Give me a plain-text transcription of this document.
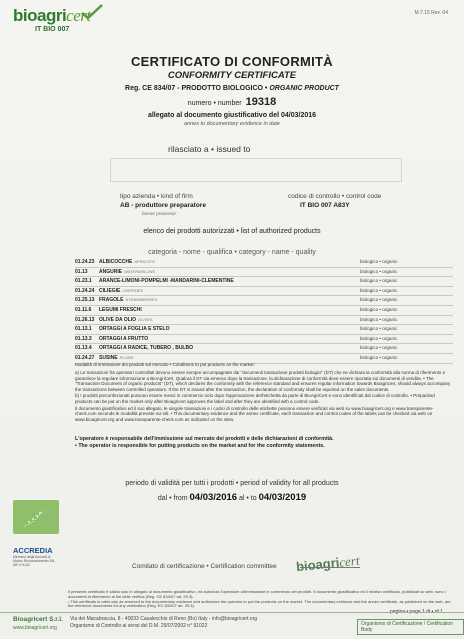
bioagricert
IT BIO 007
M.7.15 Rev. 04
CERTIFICATO DI CONFORMITÀ
CONFORMITY CERTIFICATE
Reg. CE 834/07 - PRODOTTO BIOLOGICO • ORGANIC PRODUCT
numero • number 19318
allegato al documento giustificativo del 04/03/2016
annex to documentary evidence in date
rilasciato a • issued to
tipo azienda • kind of firm
AB - produttore preparatore
farmer processor
codice di controllo • control code
IT BIO 007 A83Y
elenco dei prodotti autorizzati • list of authorized products
categoria - nome - qualifica • category - name - quality
01.24.23 ALBICOCCHE APRICOTS	biologico • organic
01.13	ANGURIE WATERMELONS	biologico • organic
01.23.1	ARANCE-LIMONI-POMPELMI -MANDARINI-CLEMENTINE	biologico • organic
01.24.24 CILIEGIE CHERRIES	biologico • organic
01.25.13 FRAGOLE STRAWBERRIES	biologico • organic
01.11.6	LEGUMI FRESCHI	biologico • organic
01.26.13 OLIVE DA OLIO OLIVES	biologico • organic
01.13.1	ORTAGGI A FOGLIA E STELO	biologico • organic
01.13.3	ORTAGGI A FRUTTO	biologico • organic
01.13.4	ORTAGGI A RADICE, TUBERO , BULBO	biologico • organic
01.24.27 SUSINE PLUMS	biologico • organic
Modalità di immissione dei prodotti sul mercato • Conditions to put products on the market:

a) Le transazioni fra operatori controllati devono essere sempre accompagnate dai "documenti transazione prodotti biologici" (DT) che ne dichiara la conformità alla norma di riferimento e garantisce la regolare informazione a BioAgriCert. Qualora il DT sia emesso dopo la transazione, la dichiarazione di conformità deve essere riportata sui documenti di vendita. • The "Transaction Document of organic products" (DT), which declares the conformity with the reference standard and ensures regular information towards Bioagricert, should always accompany the transactions between controlled operators. If the DT is issued after the transaction, the declaration of conformity shall be reported on the sales documents.

b) I prodotti preconfezionati possono essere messi in commercio solo dopo l'approvazione dell'etichetta da parte di BioAgriCert e sono identificati dal codice di controllo. • Prepacked products can be put on the market only after Bioagricert approves the label and after they are identified with a control code.

Il documento giustificativo ed il suo allegato, le singole transazioni e i codici di controllo delle etichette possono essere verificati via web su www.bioagricert.org e www.transparente-check.com seconds le modalità previste sui siti. • This documentary evidence and the annex certificate, each transaction and control codes of the labels can be checked via web on www.bioagricert.org and www.transparente-check.com as indicated on the sites.

L'operatore è responsabile dell'immissione sul mercato dei prodotti e delle dichiarazioni di conformità.
• The operator is responsible for putting products on the market and for the conformity statements.
periodo di validità per tutti i prodotti • period of validity for all products
dal • from 04/03/2016 al • to 04/03/2019
ACCREDIA
Membro degli Accordi di Mutuo Riconoscimento EA, IAF e ILAC	Comitato di certificazione • Certification committee bioagricert
Il presente certificato è valido solo in allegato al documento giustificativo, ed autorizza l'operatore all'immissione in commercio dei prodotti. Il documento giustificativo ed il relativo certificato, pubblicati su web, sono i documenti di riferimento ai fini delle verifica (Reg. CE 834/07 art. 29.3).
• This certificate is valid only as annexed to the documentary evidence and authorizes the operator to put the products on the market. The documentary evidence and the annex certificate, as published on the web, are the reference documents for any verification (Reg. EC 834/07 art. 29.3).
pagina • page 1 di • of 1
Bioagricert S.r.l.
www.bioagricert.org
Via dei Macabraccia, 8 - 40033 Casalecchio di Reno (Bo) Italy - info@bioagricert.org
Organismo di Controllo ai sensi del D.M. 29/07/2002 n° 91022	Organismo di Certificazione / Certification Body
